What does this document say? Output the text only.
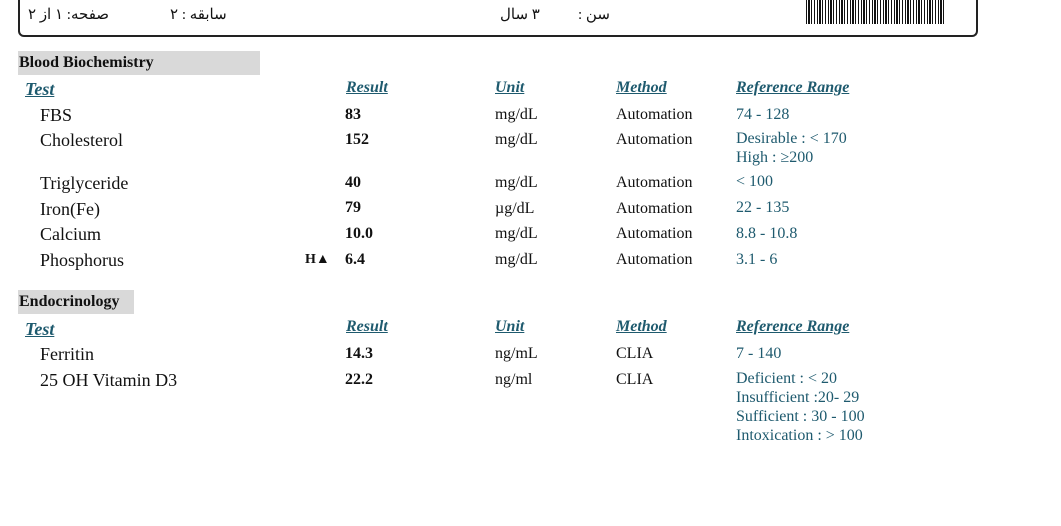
صفحه: ۱ از ۲	سابقه : ۲	۳ سال	سن :
Blood Biochemistry
Test	Result	Unit	Method	Reference Range
FBS	83	mg/dL	Automation	74 - 128
Cholesterol	152	mg/dL	Automation	Desirable : < 170
High : ≥200
Triglyceride	40	mg/dL	Automation	< 100
Iron(Fe)	79	µg/dL	Automation	22 - 135
Calcium	10.0	mg/dL	Automation	8.8 - 10.8
Phosphorus	H▲ 6.4	mg/dL	Automation	3.1 - 6
Endocrinology
Test	Result	Unit	Method	Reference Range
Ferritin	14.3	ng/mL	CLIA	7 - 140
25 OH Vitamin D3	22.2	ng/ml	CLIA	Deficient : < 20
Insufficient :20- 29
Sufficient : 30 - 100
Intoxication : > 100
